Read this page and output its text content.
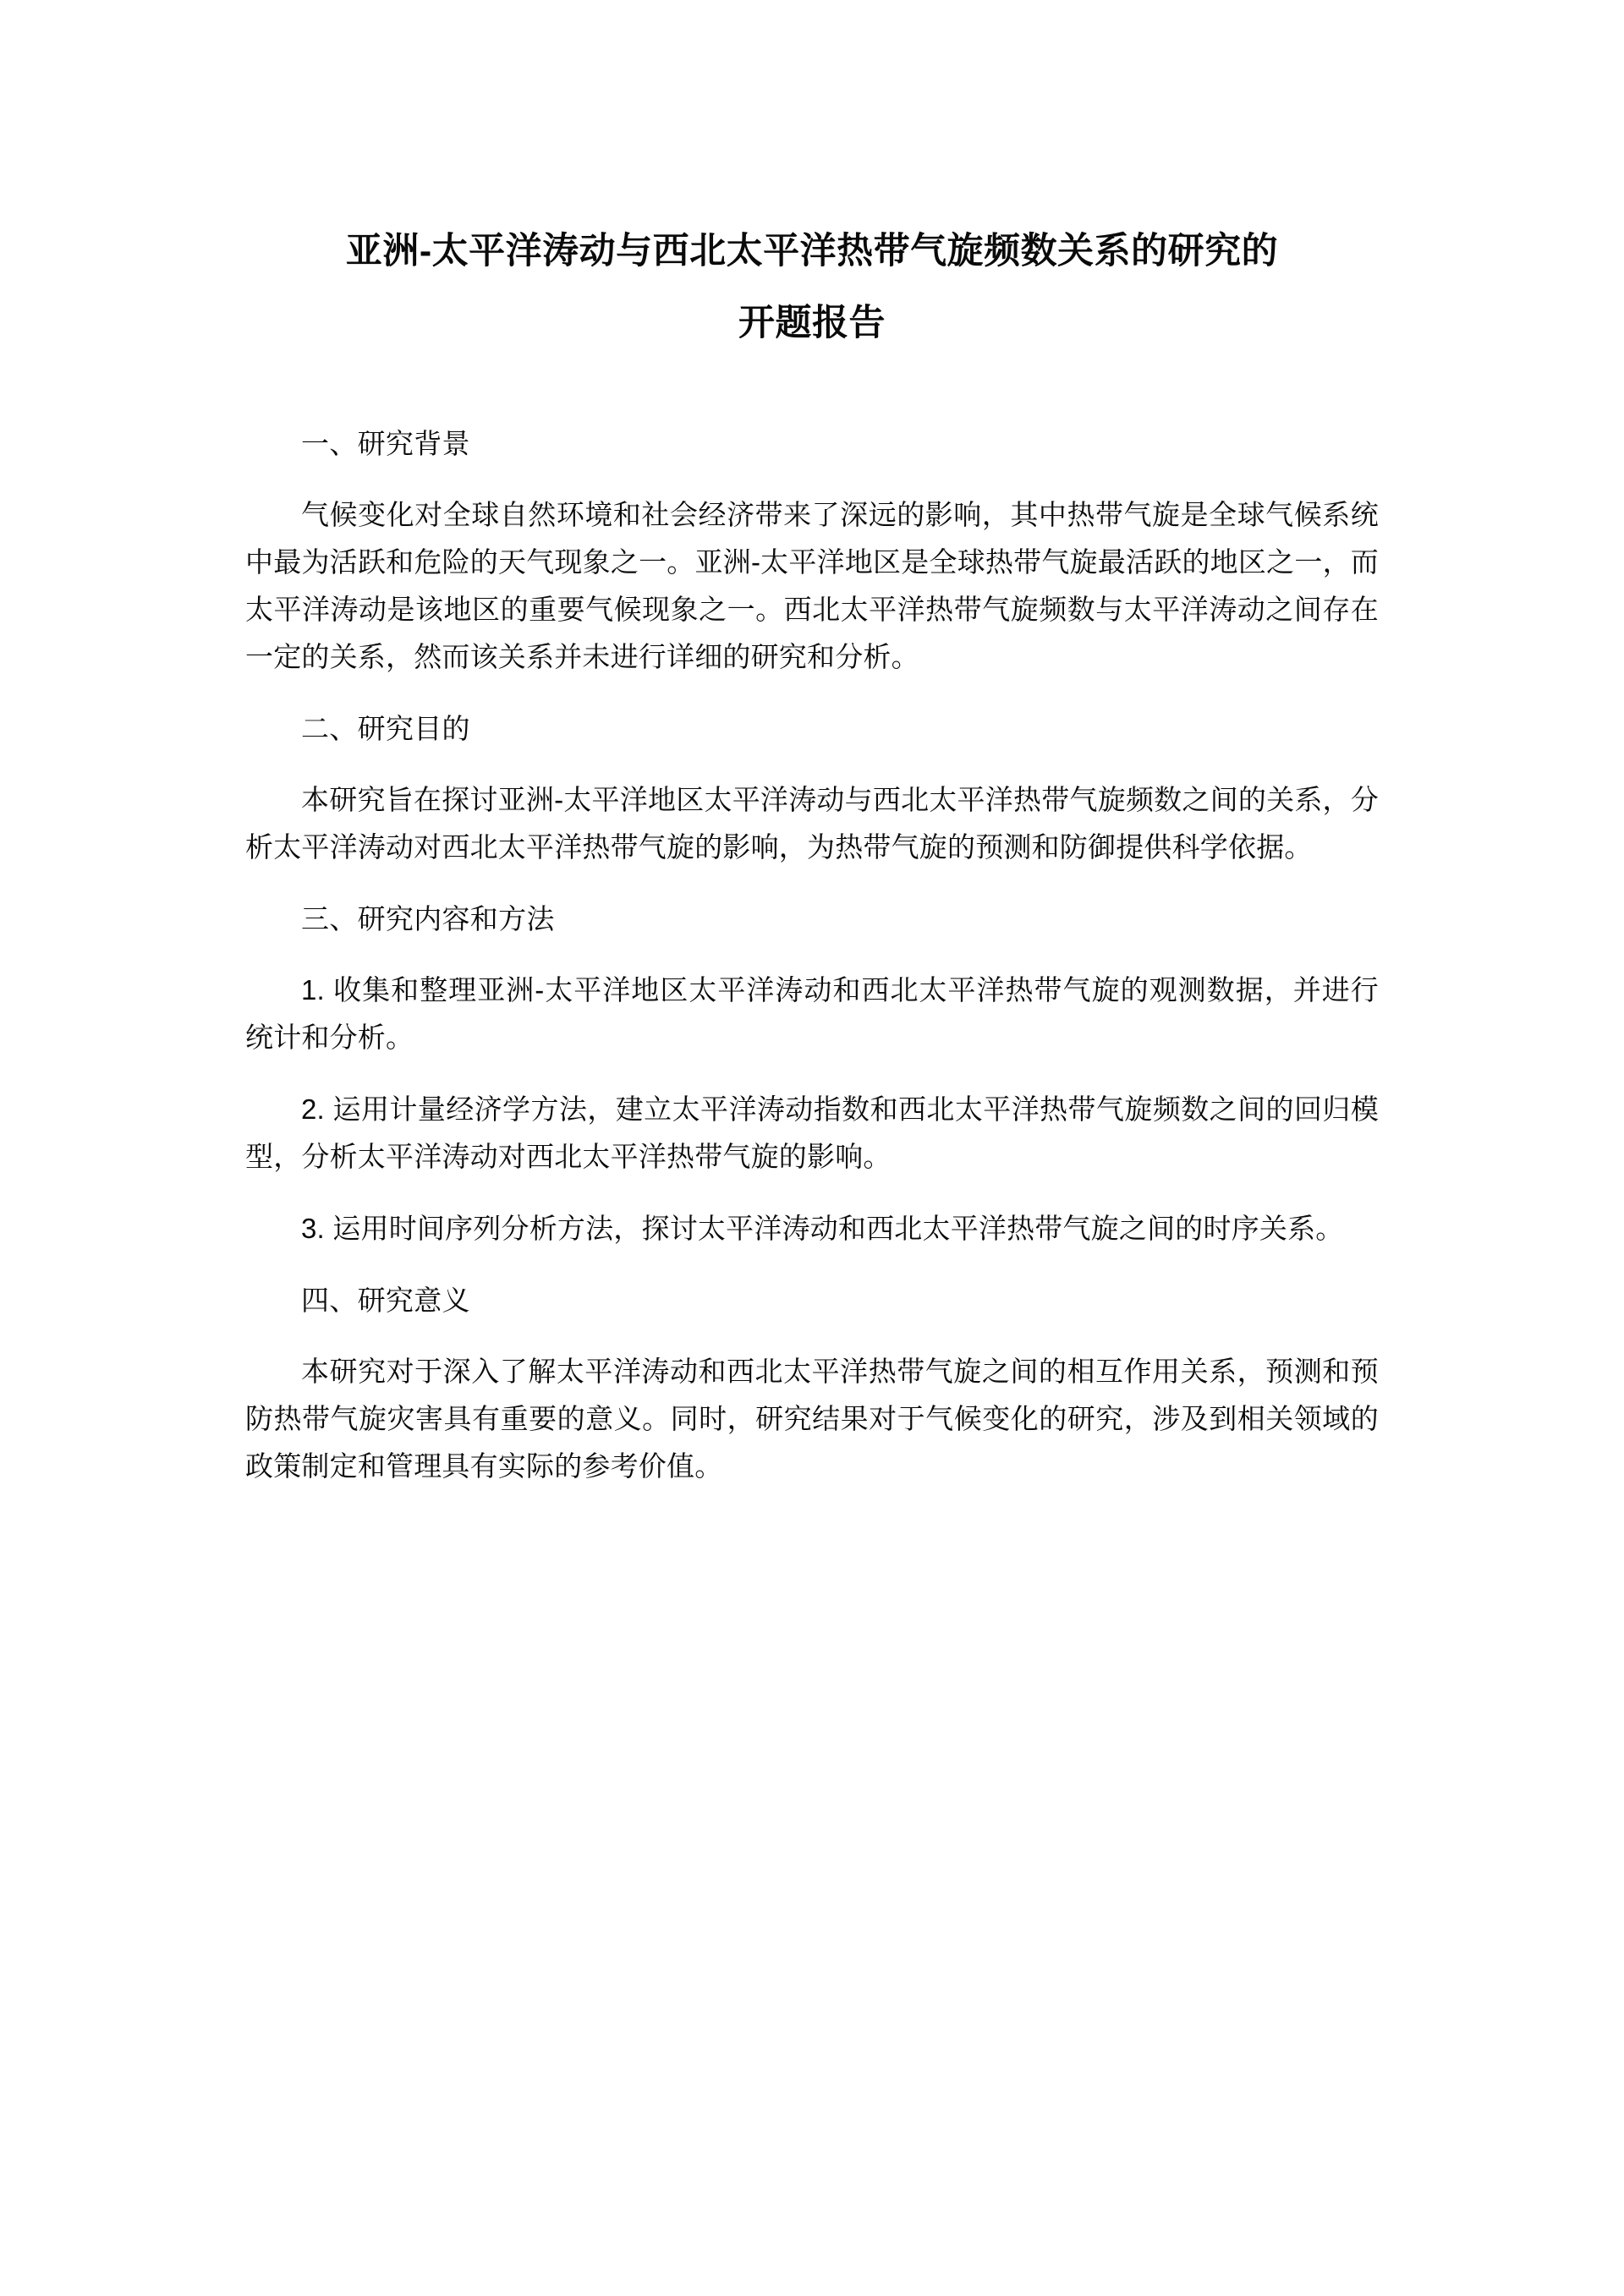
亚洲-太平洋涛动与西北太平洋热带气旋频数关系的研究的
开题报告
一、研究背景

气候变化对全球自然环境和社会经济带来了深远的影响，其中热带气旋是全球气候系统中最为活跃和危险的天气现象之一。亚洲-太平洋地区是全球热带气旋最活跃的地区之一，而太平洋涛动是该地区的重要气候现象之一。西北太平洋热带气旋频数与太平洋涛动之间存在一定的关系，然而该关系并未进行详细的研究和分析。

二、研究目的

本研究旨在探讨亚洲-太平洋地区太平洋涛动与西北太平洋热带气旋频数之间的关系，分析太平洋涛动对西北太平洋热带气旋的影响，为热带气旋的预测和防御提供科学依据。

三、研究内容和方法

1. 收集和整理亚洲-太平洋地区太平洋涛动和西北太平洋热带气旋的观测数据，并进行统计和分析。

2. 运用计量经济学方法，建立太平洋涛动指数和西北太平洋热带气旋频数之间的回归模型，分析太平洋涛动对西北太平洋热带气旋的影响。

3. 运用时间序列分析方法，探讨太平洋涛动和西北太平洋热带气旋之间的时序关系。

四、研究意义

本研究对于深入了解太平洋涛动和西北太平洋热带气旋之间的相互作用关系，预测和预防热带气旋灾害具有重要的意义。同时，研究结果对于气候变化的研究，涉及到相关领域的政策制定和管理具有实际的参考价值。
